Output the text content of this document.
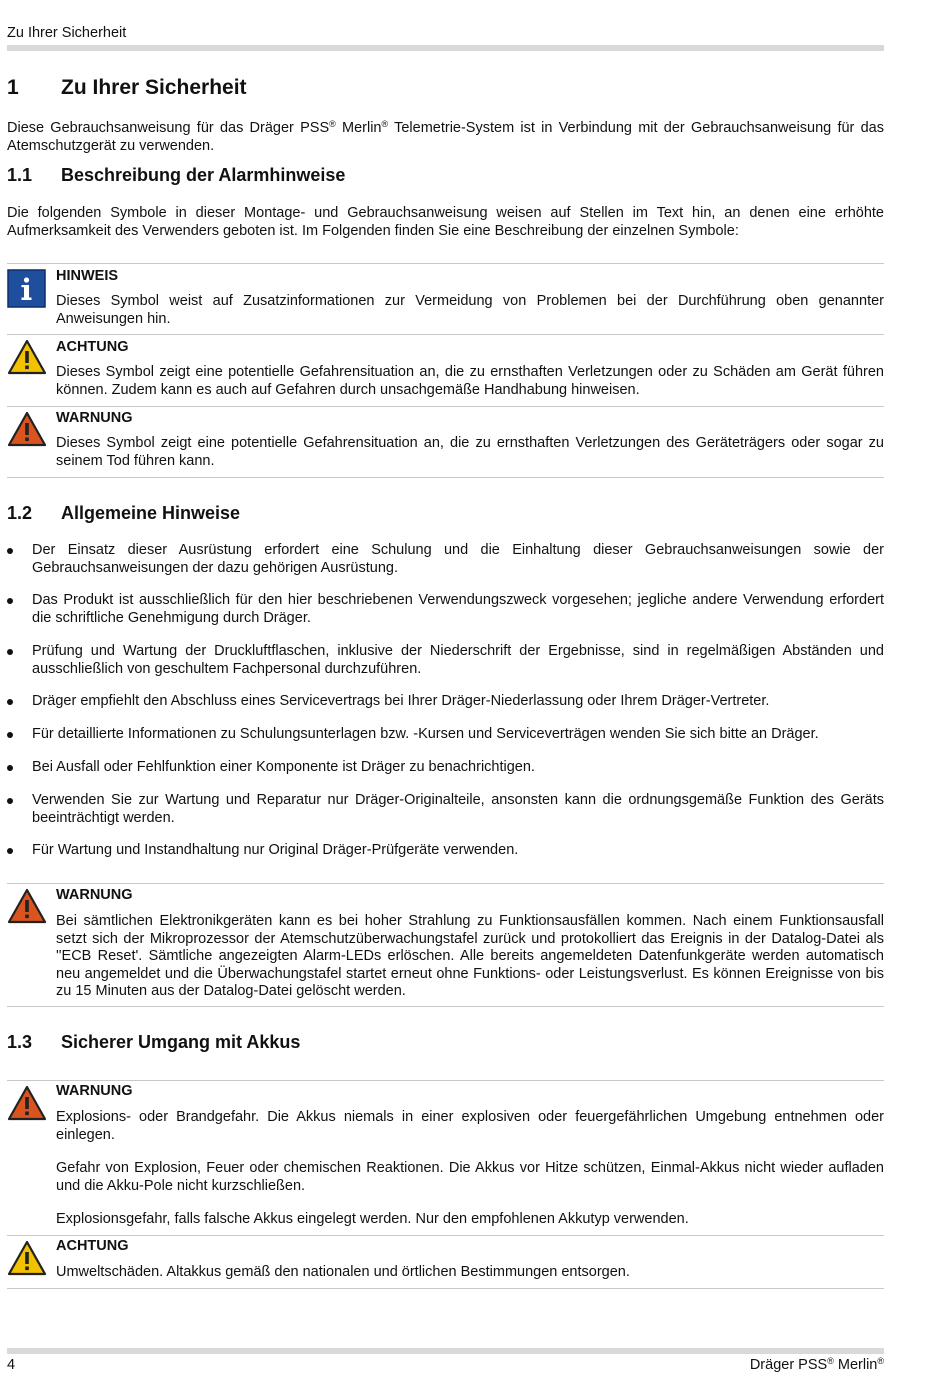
Zu Ihrer Sicherheit
1 Zu Ihrer Sicherheit
Diese Gebrauchsanweisung für das Dräger PSS® Merlin® Telemetrie-System ist in Verbindung mit der Gebrauchsanweisung für das Atemschutzgerät zu verwenden.
1.1 Beschreibung der Alarmhinweise
Die folgenden Symbole in dieser Montage- und Gebrauchsanweisung weisen auf Stellen im Text hin, an denen eine erhöhte Aufmerksamkeit des Verwenders geboten ist. Im Folgenden finden Sie eine Beschreibung der einzelnen Symbole:
HINWEIS
Dieses Symbol weist auf Zusatzinformationen zur Vermeidung von Problemen bei der Durchführung oben genannter Anweisungen hin.
ACHTUNG
Dieses Symbol zeigt eine potentielle Gefahrensituation an, die zu ernsthaften Verletzungen oder zu Schäden am Gerät führen können. Zudem kann es auch auf Gefahren durch unsachgemäße Handhabung hinweisen.
WARNUNG
Dieses Symbol zeigt eine potentielle Gefahrensituation an, die zu ernsthaften Verletzungen des Geräteträgers oder sogar zu seinem Tod führen kann.
1.2 Allgemeine Hinweise
Der Einsatz dieser Ausrüstung erfordert eine Schulung und die Einhaltung dieser Gebrauchsanweisungen sowie der Gebrauchsanweisungen der dazu gehörigen Ausrüstung.
Das Produkt ist ausschließlich für den hier beschriebenen Verwendungszweck vorgesehen; jegliche andere Verwendung erfordert die schriftliche Genehmigung durch Dräger.
Prüfung und Wartung der Druckluftflaschen, inklusive der Niederschrift der Ergebnisse, sind in regelmäßigen Abständen und ausschließlich von geschultem Fachpersonal durchzuführen.
Dräger empfiehlt den Abschluss eines Servicevertrags bei Ihrer Dräger-Niederlassung oder Ihrem Dräger-Vertreter.
Für detaillierte Informationen zu Schulungsunterlagen bzw. -Kursen und Serviceverträgen wenden Sie sich bitte an Dräger.
Bei Ausfall oder Fehlfunktion einer Komponente ist Dräger zu benachrichtigen.
Verwenden Sie zur Wartung und Reparatur nur Dräger-Originalteile, ansonsten kann die ordnungsgemäße Funktion des Geräts beeinträchtigt werden.
Für Wartung und Instandhaltung nur Original Dräger-Prüfgeräte verwenden.
WARNUNG
Bei sämtlichen Elektronikgeräten kann es bei hoher Strahlung zu Funktionsausfällen kommen. Nach einem Funktionsausfall setzt sich der Mikroprozessor der Atemschutzüberwachungstafel zurück und protokolliert das Ereignis in der Datalog-Datei als ''ECB Reset'. Sämtliche angezeigten Alarm-LEDs erlöschen. Alle bereits angemeldeten Datenfunkgeräte werden automatisch neu angemeldet und die Überwachungstafel startet erneut ohne Funktions- oder Leistungsverlust. Es können Ereignisse von bis zu 15 Minuten aus der Datalog-Datei gelöscht werden.
1.3 Sicherer Umgang mit Akkus
WARNUNG
Explosions- oder Brandgefahr. Die Akkus niemals in einer explosiven oder feuergefährlichen Umgebung entnehmen oder einlegen.
Gefahr von Explosion, Feuer oder chemischen Reaktionen. Die Akkus vor Hitze schützen, Einmal-Akkus nicht wieder aufladen und die Akku-Pole nicht kurzschließen.
Explosionsgefahr, falls falsche Akkus eingelegt werden. Nur den empfohlenen Akkutyp verwenden.
ACHTUNG
Umweltschäden. Altakkus gemäß den nationalen und örtlichen Bestimmungen entsorgen.
4	Dräger PSS® Merlin®
